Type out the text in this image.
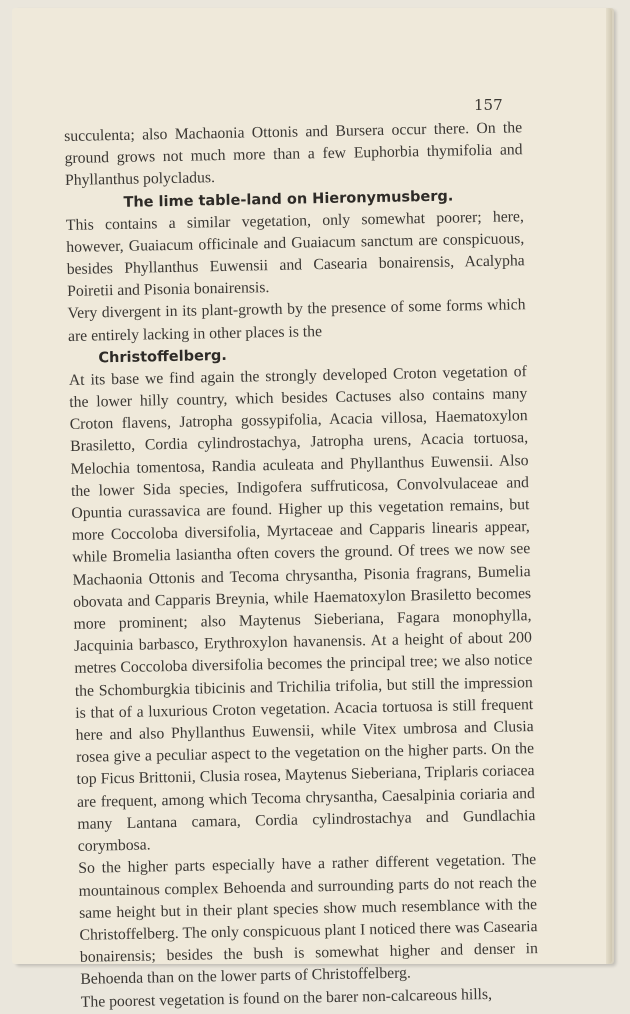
157

succulenta; also Machaonia Ottonis and Bursera occur there. On the ground grows not much more than a few Euphorbia thymifolia and Phyllanthus polycladus.

The lime table-land on Hieronymusberg.

This contains a similar vegetation, only somewhat poorer; here, however, Guaiacum officinale and Guaiacum sanctum are conspicuous, besides Phyllanthus Euwensii and Casearia bonairensis, Acalypha Poiretii and Pisonia bonairensis.

Very divergent in its plant-growth by the presence of some forms which are entirely lacking in other places is the

Christoffelberg.

At its base we find again the strongly developed Croton vegetation of the lower hilly country, which besides Cactuses also contains many Croton flavens, Jatropha gossypifolia, Acacia villosa, Haematoxylon Brasiletto, Cordia cylindrostachya, Jatropha urens, Acacia tortuosa, Melochia tomentosa, Randia aculeata and Phyllanthus Euwensii. Also the lower Sida species, Indigofera suffruticosa, Convolvulaceae and Opuntia curassavica are found. Higher up this vegetation remains, but more Coccoloba diversifolia, Myrtaceae and Capparis linearis appear, while Bromelia lasiantha often covers the ground. Of trees we now see Machaonia Ottonis and Tecoma chrysantha, Pisonia fragrans, Bumelia obovata and Capparis Breynia, while Haematoxylon Brasiletto becomes more prominent; also Maytenus Sieberiana, Fagara monophylla, Jacquinia barbasco, Erythroxylon havanensis. At a height of about 200 metres Coccoloba diversifolia becomes the principal tree; we also notice the Schomburgkia tibicinis and Trichilia trifolia, but still the impression is that of a luxurious Croton vegetation. Acacia tortuosa is still frequent here and also Phyllanthus Euwensii, while Vitex umbrosa and Clusia rosea give a peculiar aspect to the vegetation on the higher parts. On the top Ficus Brittonii, Clusia rosea, Maytenus Sieberiana, Triplaris coriacea are frequent, among which Tecoma chrysantha, Caesalpinia coriaria and many Lantana camara, Cordia cylindrostachya and Gundlachia corymbosa.

So the higher parts especially have a rather different vegetation. The mountainous complex Behoenda and surrounding parts do not reach the same height but in their plant species show much resemblance with the Christoffelberg. The only conspicuous plant I noticed there was Casearia bonairensis; besides the bush is somewhat higher and denser in Behoenda than on the lower parts of Christoffelberg.

The poorest vegetation is found on the barer non-calcareous hills,
